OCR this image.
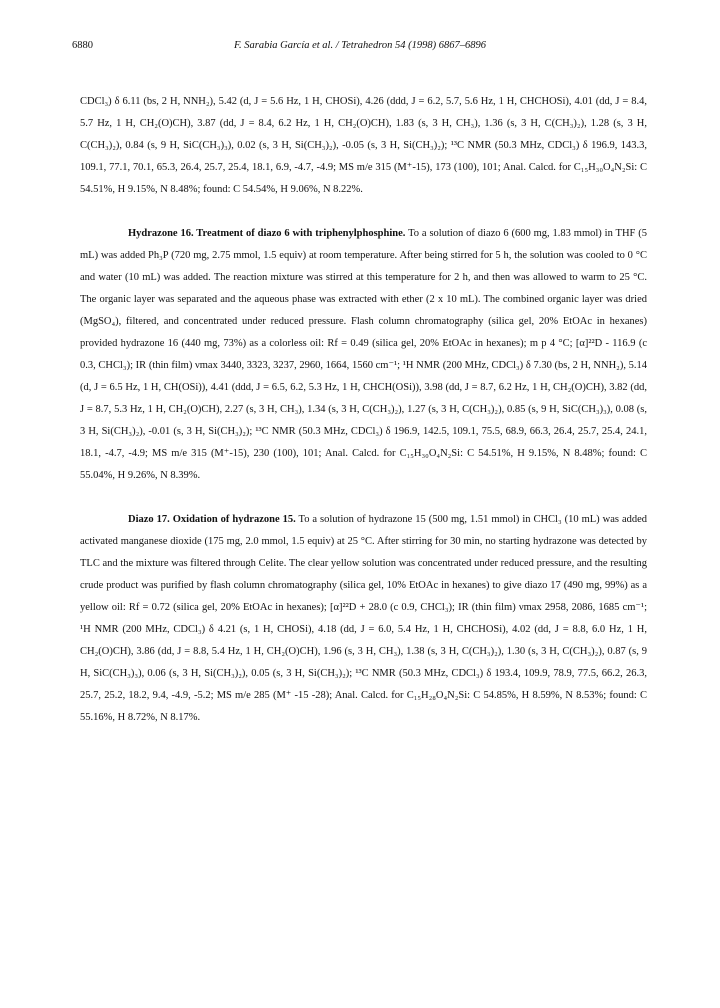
6880	F. Sarabia García et al. / Tetrahedron 54 (1998) 6867–6896

CDCl₃) δ 6.11 (bs, 2 H, NNH₂), 5.42 (d, J = 5.6 Hz, 1 H, CHOSi), 4.26 (ddd, J = 6.2, 5.7, 5.6 Hz, 1 H, CHCHOSi), 4.01 (dd, J = 8.4, 5.7 Hz, 1 H, CH₂(O)CH), 3.87 (dd, J = 8.4, 6.2 Hz, 1 H, CH₂(O)CH), 1.83 (s, 3 H, CH₃), 1.36 (s, 3 H, C(CH₃)₂), 1.28 (s, 3 H, C(CH₃)₂), 0.84 (s, 9 H, SiC(CH₃)₃), 0.02 (s, 3 H, Si(CH₃)₂), -0.05 (s, 3 H, Si(CH₃)₂); ¹³C NMR (50.3 MHz, CDCl₃) δ 196.9, 143.3, 109.1, 77.1, 70.1, 65.3, 26.4, 25.7, 25.4, 18.1, 6.9, -4.7, -4.9; MS m/e 315 (M⁺-15), 173 (100), 101; Anal. Calcd. for C₁₅H₃₀O₄N₂Si: C 54.51%, H 9.15%, N 8.48%; found: C 54.54%, H 9.06%, N 8.22%.

Hydrazone 16. Treatment of diazo 6 with triphenylphosphine. To a solution of diazo 6 (600 mg, 1.83 mmol) in THF (5 mL) was added Ph₃P (720 mg, 2.75 mmol, 1.5 equiv) at room temperature. After being stirred for 5 h, the solution was cooled to 0 °C and water (10 mL) was added. The reaction mixture was stirred at this temperature for 2 h, and then was allowed to warm to 25 °C. The organic layer was separated and the aqueous phase was extracted with ether (2 x 10 mL). The combined organic layer was dried (MgSO₄), filtered, and concentrated under reduced pressure. Flash column chromatography (silica gel, 20% EtOAc in hexanes) provided hydrazone 16 (440 mg, 73%) as a colorless oil: Rf = 0.49 (silica gel, 20% EtOAc in hexanes); m p 4 °C; [α]²²D - 116.9 (c 0.3, CHCl₃); IR (thin film) νmax 3440, 3323, 3237, 2960, 1664, 1560 cm⁻¹; ¹H NMR (200 MHz, CDCl₃) δ 7.30 (bs, 2 H, NNH₂), 5.14 (d, J = 6.5 Hz, 1 H, CH(OSi)), 4.41 (ddd, J = 6.5, 6.2, 5.3 Hz, 1 H, CHCH(OSi)), 3.98 (dd, J = 8.7, 6.2 Hz, 1 H, CH₂(O)CH), 3.82 (dd, J = 8.7, 5.3 Hz, 1 H, CH₂(O)CH), 2.27 (s, 3 H, CH₃), 1.34 (s, 3 H, C(CH₃)₂), 1.27 (s, 3 H, C(CH₃)₂), 0.85 (s, 9 H, SiC(CH₃)₃), 0.08 (s, 3 H, Si(CH₃)₂), -0.01 (s, 3 H, Si(CH₃)₂); ¹³C NMR (50.3 MHz, CDCl₃) δ 196.9, 142.5, 109.1, 75.5, 68.9, 66.3, 26.4, 25.7, 25.4, 24.1, 18.1, -4.7, -4.9; MS m/e 315 (M⁺-15), 230 (100), 101; Anal. Calcd. for C₁₅H₃₀O₄N₂Si: C 54.51%, H 9.15%, N 8.48%; found: C 55.04%, H 9.26%, N 8.39%.

Diazo 17. Oxidation of hydrazone 15. To a solution of hydrazone 15 (500 mg, 1.51 mmol) in CHCl₃ (10 mL) was added activated manganese dioxide (175 mg, 2.0 mmol, 1.5 equiv) at 25 °C. After stirring for 30 min, no starting hydrazone was detected by TLC and the mixture was filtered through Celite. The clear yellow solution was concentrated under reduced pressure, and the resulting crude product was purified by flash column chromatography (silica gel, 10% EtOAc in hexanes) to give diazo 17 (490 mg, 99%) as a yellow oil: Rf = 0.72 (silica gel, 20% EtOAc in hexanes); [α]²²D + 28.0 (c 0.9, CHCl₃); IR (thin film) νmax 2958, 2086, 1685 cm⁻¹; ¹H NMR (200 MHz, CDCl₃) δ 4.21 (s, 1 H, CHOSi), 4.18 (dd, J = 6.0, 5.4 Hz, 1 H, CHCHOSi), 4.02 (dd, J = 8.8, 6.0 Hz, 1 H, CH₂(O)CH), 3.86 (dd, J = 8.8, 5.4 Hz, 1 H, CH₂(O)CH), 1.96 (s, 3 H, CH₃), 1.38 (s, 3 H, C(CH₃)₂), 1.30 (s, 3 H, C(CH₃)₂), 0.87 (s, 9 H, SiC(CH₃)₃), 0.06 (s, 3 H, Si(CH₃)₂), 0.05 (s, 3 H, Si(CH₃)₂); ¹³C NMR (50.3 MHz, CDCl₃) δ 193.4, 109.9, 78.9, 77.5, 66.2, 26.3, 25.7, 25.2, 18.2, 9.4, -4.9, -5.2; MS m/e 285 (M⁺ -15 -28); Anal. Calcd. for C₁₅H₂₈O₄N₂Si: C 54.85%, H 8.59%, N 8.53%; found: C 55.16%, H 8.72%, N 8.17%.
